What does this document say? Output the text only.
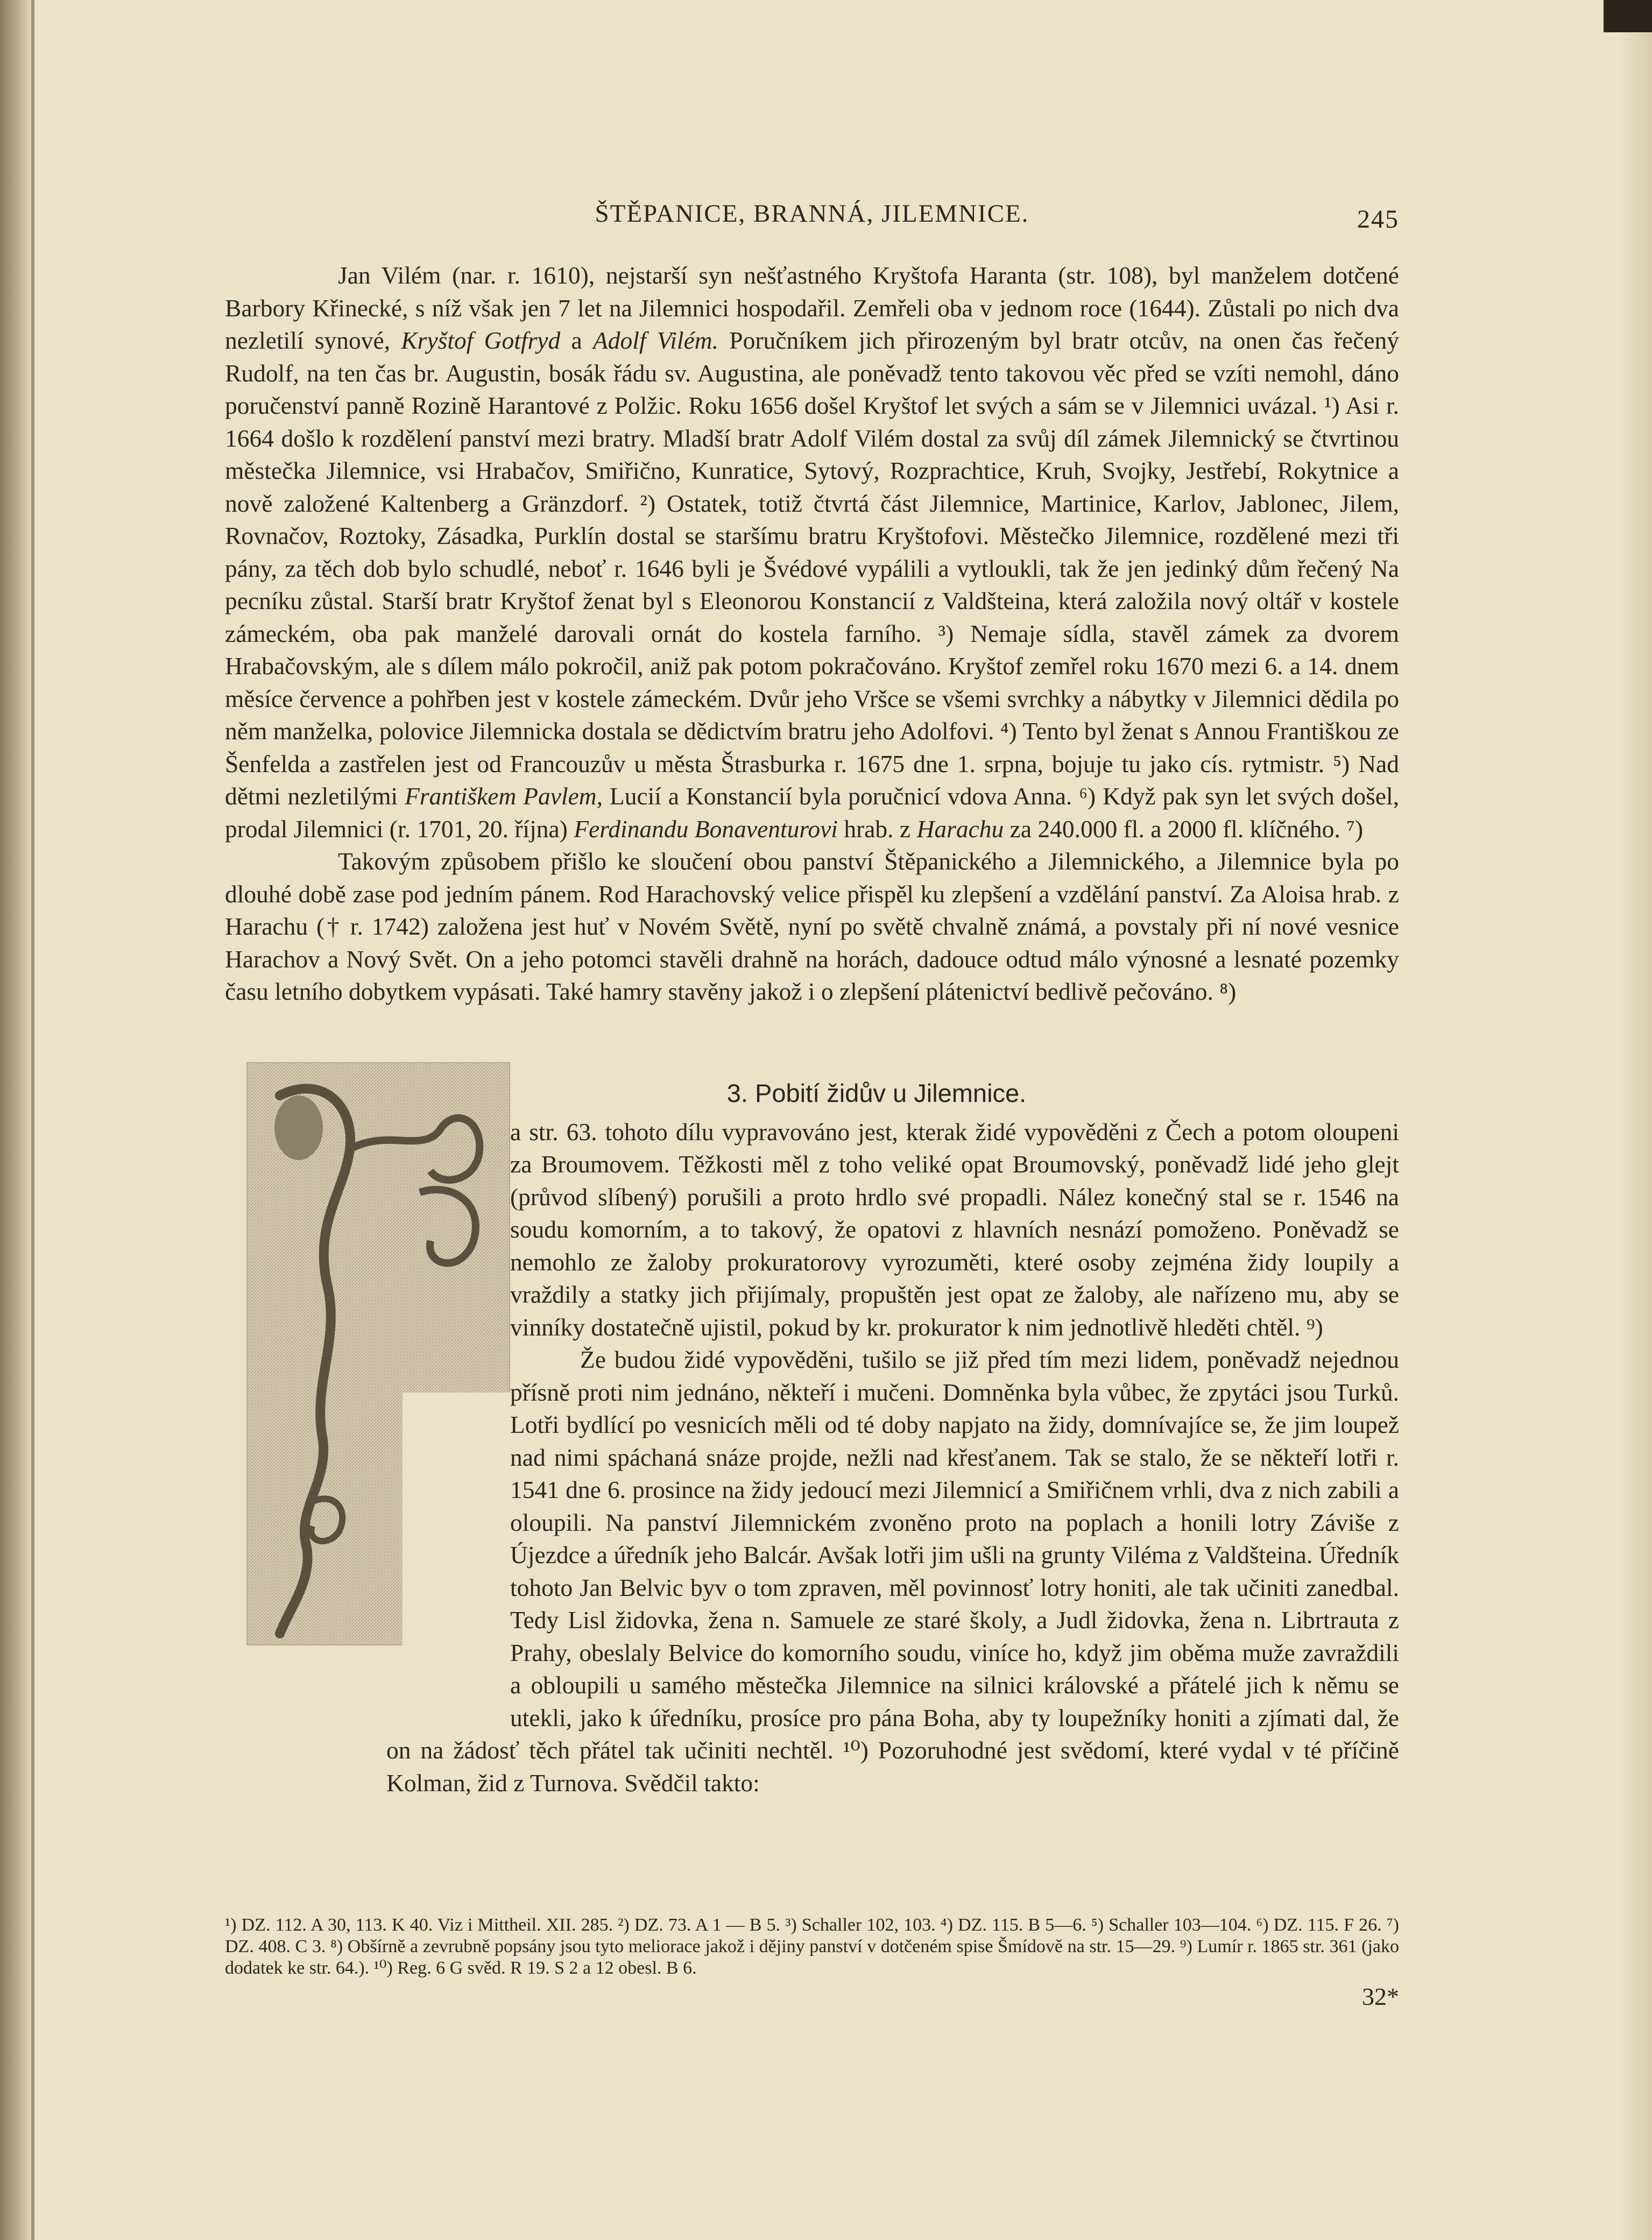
ŠTĚPANICE, BRANNÁ, JILEMNICE.	245

Jan Vilém (nar. r. 1610), nejstarší syn nešťastného Kryštofa Haranta (str. 108), byl manželem dotčené Barbory Křinecké, s níž však jen 7 let na Jilemnici hospodařil. Zemřeli oba v jednom roce (1644). Zůstali po nich dva nezletilí synové, Kryštof Gotfryd a Adolf Vilém. Poručníkem jich přirozeným byl bratr otcův, na onen čas řečený Rudolf, na ten čas br. Augustin, bosák řádu sv. Augustina, ale poněvadž tento takovou věc před se vzíti nemohl, dáno poručenství panně Rozině Harantové z Polžic. Roku 1656 došel Kryštof let svých a sám se v Jilemnici uvázal. ¹) Asi r. 1664 došlo k rozdělení panství mezi bratry. Mladší bratr Adolf Vilém dostal za svůj díl zámek Jilemnický se čtvrtinou městečka Jilemnice, vsi Hrabačov, Smiřično, Kunratice, Sytový, Rozprachtice, Kruh, Svojky, Jestřebí, Rokytnice a nově založené Kaltenberg a Gränzdorf. ²) Ostatek, totiž čtvrtá část Jilemnice, Martinice, Karlov, Jablonec, Jilem, Rovnačov, Roztoky, Zásadka, Purklín dostal se staršímu bratru Kryštofovi. Městečko Jilemnice, rozdělené mezi tři pány, za těch dob bylo schudlé, neboť r. 1646 byli je Švédové vypálili a vytloukli, tak že jen jedinký dům řečený Na pecníku zůstal. Starší bratr Kryštof ženat byl s Eleonorou Konstancií z Valdšteina, která založila nový oltář v kostele zámeckém, oba pak manželé darovali ornát do kostela farního. ³) Nemaje sídla, stavěl zámek za dvorem Hrabačovským, ale s dílem málo pokročil, aniž pak potom pokračováno. Kryštof zemřel roku 1670 mezi 6. a 14. dnem měsíce července a pohřben jest v kostele zámeckém. Dvůr jeho Vršce se všemi svrchky a nábytky v Jilemnici dědila po něm manželka, polovice Jilemnicka dostala se dědictvím bratru jeho Adolfovi. ⁴) Tento byl ženat s Annou Františkou ze Šenfelda a zastřelen jest od Francouzův u města Štrasburka r. 1675 dne 1. srpna, bojuje tu jako cís. rytmistr. ⁵) Nad dětmi nezletilými Františkem Pavlem, Lucií a Konstancií byla poručnicí vdova Anna. ⁶) Když pak syn let svých došel, prodal Jilemnici (r. 1701, 20. října) Ferdinandu Bonaventurovi hrab. z Harachu za 240.000 fl. a 2000 fl. klíčného. ⁷)

Takovým způsobem přišlo ke sloučení obou panství Štěpanického a Jilemnického, a Jilemnice byla po dlouhé době zase pod jedním pánem. Rod Harachovský velice přispěl ku zlepšení a vzdělání panství. Za Aloisa hrab. z Harachu († r. 1742) založena jest huť v Novém Světě, nyní po světě chvalně známá, a povstaly při ní nové vesnice Harachov a Nový Svět. On a jeho potomci stavěli drahně na horách, dadouce odtud málo výnosné a lesnaté pozemky času letního dobytkem vypásati. Také hamry stavěny jakož i o zlepšení plátenictví bedlivě pečováno. ⁸)

3. Pobití židův u Jilemnice.

a str. 63. tohoto dílu vypravováno jest, kterak židé vypověděni z Čech a potom oloupeni za Broumovem. Těžkosti měl z toho veliké opat Broumovský, poněvadž lidé jeho glejt (průvod slíbený) porušili a proto hrdlo své propadli. Nález konečný stal se r. 1546 na soudu komorním, a to takový, že opatovi z hlavních nesnází pomoženo. Poněvadž se nemohlo ze žaloby prokuratorovy vyrozuměti, které osoby zejména židy loupily a vraždily a statky jich přijímaly, propuštěn jest opat ze žaloby, ale nařízeno mu, aby se vinníky dostatečně ujistil, pokud by kr. prokurator k nim jednotlivě hleděti chtěl. ⁹)

Že budou židé vypověděni, tušilo se již před tím mezi lidem, poněvadž nejednou přísně proti nim jednáno, někteří i mučeni. Domněnka byla vůbec, že zpytáci jsou Turků. Lotři bydlící po vesnicích měli od té doby napjato na židy, domnívajíce se, že jim loupež nad nimi spáchaná snáze projde, nežli nad křesťanem. Tak se stalo, že se někteří lotři r. 1541 dne 6. prosince na židy jedoucí mezi Jilemnicí a Smiřičnem vrhli, dva z nich zabili a oloupili. Na panství Jilemnickém zvoněno proto na poplach a honili lotry Záviše z Újezdce a úředník jeho Balcár. Avšak lotři jim ušli na grunty Viléma z Valdšteina. Úředník tohoto Jan Belvic byv o tom zpraven, měl povinnosť lotry honiti, ale tak učiniti zanedbal. Tedy Lisl židovka, žena n. Samuele ze staré školy, a Judl židovka, žena n. Librtrauta z Prahy, obeslaly Belvice do komorního soudu, viníce ho, když jim oběma muže zavraždili a obloupili u samého městečka Jilemnice na silnici královské a přátelé jich k němu se utekli, jako k úředníku, prosíce pro pána Boha, aby ty loupežníky honiti a zjímati dal, že on na žádosť těch přátel tak učiniti nechtěl. ¹⁰) Pozoruhodné jest svědomí, které vydal v té příčině Kolman, žid z Turnova. Svědčil takto:

¹) DZ. 112. A 30, 113. K 40. Viz i Mittheil. XII. 285. ²) DZ. 73. A 1 — B 5. ³) Schaller 102, 103. ⁴) DZ. 115. B 5—6. ⁵) Schaller 103—104. ⁶) DZ. 115. F 26. ⁷) DZ. 408. C 3. ⁸) Obšírně a zevrubně popsány jsou tyto meliorace jakož i dějiny panství v dotčeném spise Šmídově na str. 15—29. ⁹) Lumír r. 1865 str. 361 (jako dodatek ke str. 64.). ¹⁰) Reg. 6 G svěd. R 19. S 2 a 12 obesl. B 6.
32*
